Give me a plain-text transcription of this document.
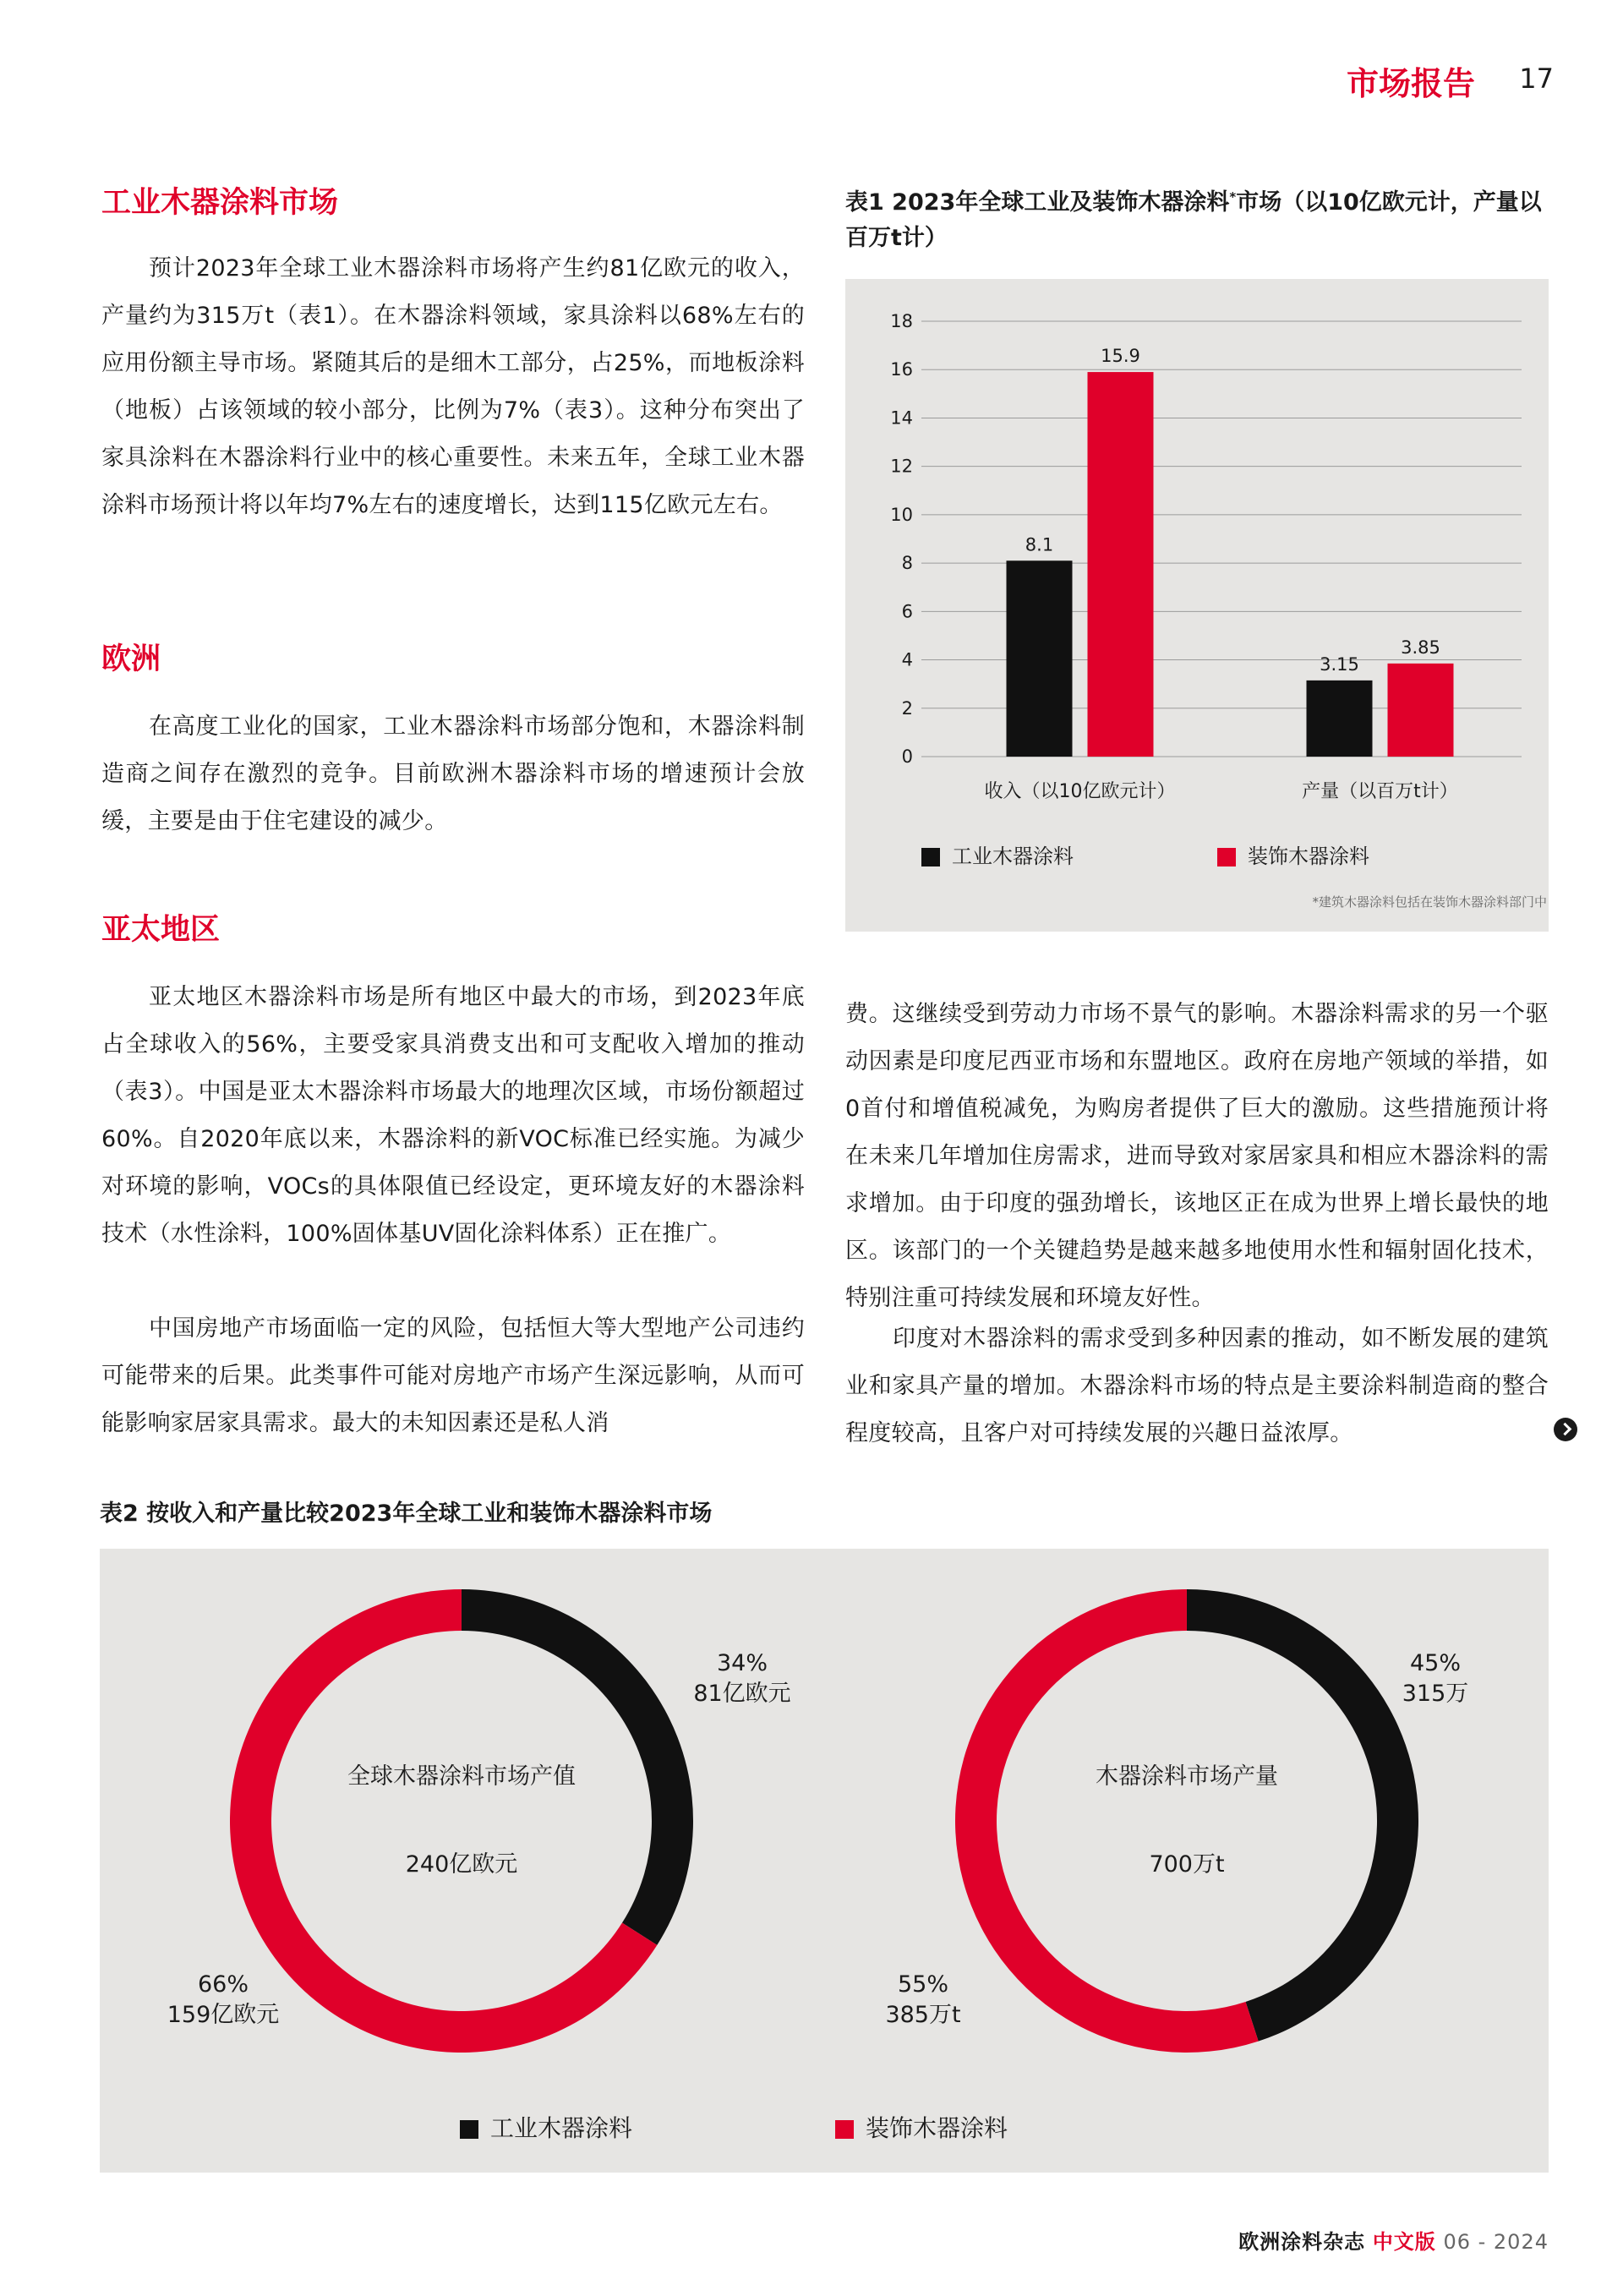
市场报告 17
工业木器涂料市场
预计2023年全球工业木器涂料市场将产生约81亿欧元的收入，产量约为315万t（表1）。在木器涂料领域，家具涂料以68%左右的应用份额主导市场。紧随其后的是细木工部分，占25%，而地板涂料（地板）占该领域的较小部分，比例为7%（表3）。这种分布突出了家具涂料在木器涂料行业中的核心重要性。未来五年，全球工业木器涂料市场预计将以年均7%左右的速度增长，达到115亿欧元左右。
欧洲
在高度工业化的国家，工业木器涂料市场部分饱和，木器涂料制造商之间存在激烈的竞争。目前欧洲木器涂料市场的增速预计会放缓，主要是由于住宅建设的减少。
亚太地区
亚太地区木器涂料市场是所有地区中最大的市场，到2023年底占全球收入的56%，主要受家具消费支出和可支配收入增加的推动（表3）。中国是亚太木器涂料市场最大的地理次区域，市场份额超过60%。自2020年底以来，木器涂料的新VOC标准已经实施。为减少对环境的影响，VOCs的具体限值已经设定，更环境友好的木器涂料技术（水性涂料，100%固体基UV固化涂料体系）正在推广。
中国房地产市场面临一定的风险，包括恒大等大型地产公司违约可能带来的后果。此类事件可能对房地产市场产生深远影响，从而可能影响家居家具需求。最大的未知因素还是私人消
表1 2023年全球工业及装饰木器涂料*市场（以10亿欧元计，产量以百万t计）
0
2
4
6
8
10
12
14
16
18
8.1
15.9
收入（以10亿欧元计）
3.15
3.85
产量（以百万t计）
工业木器涂料	装饰木器涂料
*建筑木器涂料包括在装饰木器涂料部门中
费。这继续受到劳动力市场不景气的影响。木器涂料需求的另一个驱动因素是印度尼西亚市场和东盟地区。政府在房地产领域的举措，如0首付和增值税减免，为购房者提供了巨大的激励。这些措施预计将在未来几年增加住房需求，进而导致对家居家具和相应木器涂料的需求增加。由于印度的强劲增长，该地区正在成为世界上增长最快的地区。该部门的一个关键趋势是越来越多地使用水性和辐射固化技术，特别注重可持续发展和环境友好性。
印度对木器涂料的需求受到多种因素的推动，如不断发展的建筑业和家具产量的增加。木器涂料市场的特点是主要涂料制造商的整合程度较高，且客户对可持续发展的兴趣日益浓厚。
表2 按收入和产量比较2023年全球工业和装饰木器涂料市场
全球木器涂料市场产值
240亿欧元
木器涂料市场产量
700万t
34%
81亿欧元
66%
159亿欧元
45%
315万
55%
385万t
工业木器涂料	装饰木器涂料
欧洲涂料杂志 中文版 06 - 2024
